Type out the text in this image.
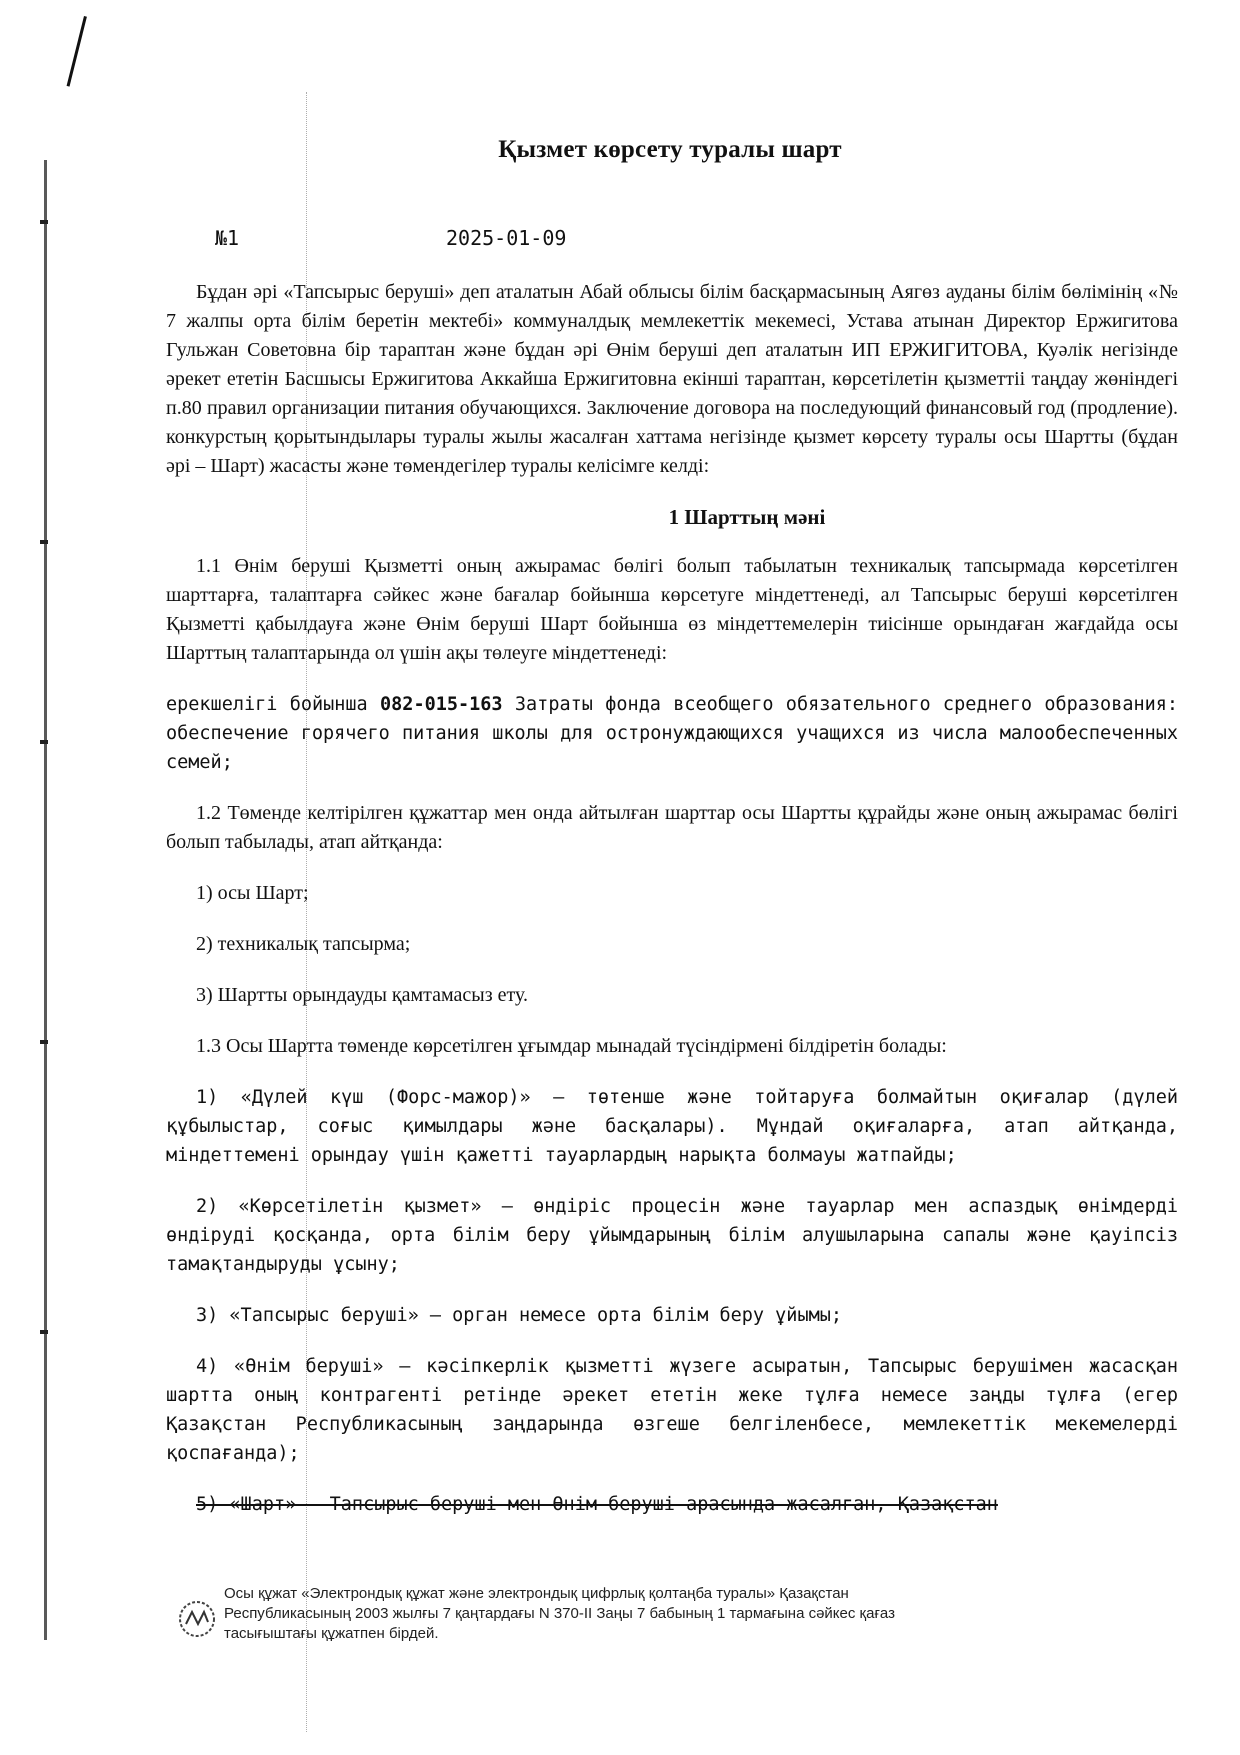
Қызмет көрсету туралы шарт
№1	2025-01-09

Бұдан әрі «Тапсырыс беруші» деп аталатын Абай облысы білім басқармасының Аягөз ауданы білім бөлімінің «№ 7 жалпы орта білім беретін мектебі» коммуналдық мемлекеттік мекемесі, Устава атынан Директор Ержигитова Гульжан Советовна бір тараптан және бұдан әрі Өнім беруші деп аталатын ИП ЕРЖИГИТОВА, Куәлік негізінде әрекет ететін Басшысы Ержигитова Аккайша Ержигитовна екінші тараптан, көрсетілетін қызметтіі таңдау жөніндегі п.80 правил организации питания обучающихся. Заключение договора на последующий финансовый год (продление). конкурстың қорытындылары туралы жылы жасалған хаттама негізінде қызмет көрсету туралы осы Шартты (бұдан әрі – Шарт) жасасты және төмендегілер туралы келісімге келді:

1 Шарттың мәні

1.1 Өнім беруші Қызметті оның ажырамас бөлігі болып табылатын техникалық тапсырмада көрсетілген шарттарға, талаптарға сәйкес және бағалар бойынша көрсетуге міндеттенеді, ал Тапсырыс беруші көрсетілген Қызметті қабылдауға және Өнім беруші Шарт бойынша өз міндеттемелерін тиісінше орындаған жағдайда осы Шарттың талаптарында ол үшін ақы төлеуге міндеттенеді:

ерекшелігі бойынша 082-015-163 Затраты фонда всеобщего обязательного среднего образования: обеспечение горячего питания школы для остронуждающихся учащихся из числа малообеспеченных семей;

1.2 Төменде келтірілген құжаттар мен онда айтылған шарттар осы Шартты құрайды және оның ажырамас бөлігі болып табылады, атап айтқанда:

1) осы Шарт;
2) техникалық тапсырма;
3) Шартты орындауды қамтамасыз ету.

1.3 Осы Шартта төменде көрсетілген ұғымдар мынадай түсіндірмені білдіретін болады:

1) «Дүлей күш (Форс-мажор)» – төтенше және тойтаруға болмайтын оқиғалар (дүлей құбылыстар, соғыс қимылдары және басқалары). Мұндай оқиғаларға, атап айтқанда, міндеттемені орындау үшін қажетті тауарлардың нарықта болмауы жатпайды;

2) «Көрсетілетін қызмет» – өндіріс процесін және тауарлар мен аспаздық өнімдерді өндіруді қосқанда, орта білім беру ұйымдарының білім алушыларына сапалы және қауіпсіз тамақтандыруды ұсыну;

3) «Тапсырыс беруші» – орган немесе орта білім беру ұйымы;

4) «Өнім беруші» – кәсіпкерлік қызметті жүзеге асыратын, Тапсырыс берушімен жасасқан шартта оның контрагенті ретінде әрекет ететін жеке тұлға немесе заңды тұлға (егер Қазақстан Республикасының заңдарында өзгеше белгіленбесе, мемлекеттік мекемелерді қоспағанда);

5) «Шарт» – Тапсырыс беруші мен Өнім беруші арасында жасалған, Қазақстан

Осы құжат «Электрондық құжат және электрондық цифрлық қолтаңба туралы» Қазақстан
Республикасының 2003 жылғы 7 қаңтардағы N 370-II Заңы 7 бабының 1 тармағына сәйкес қағаз
тасығыштағы құжатпен бірдей.
